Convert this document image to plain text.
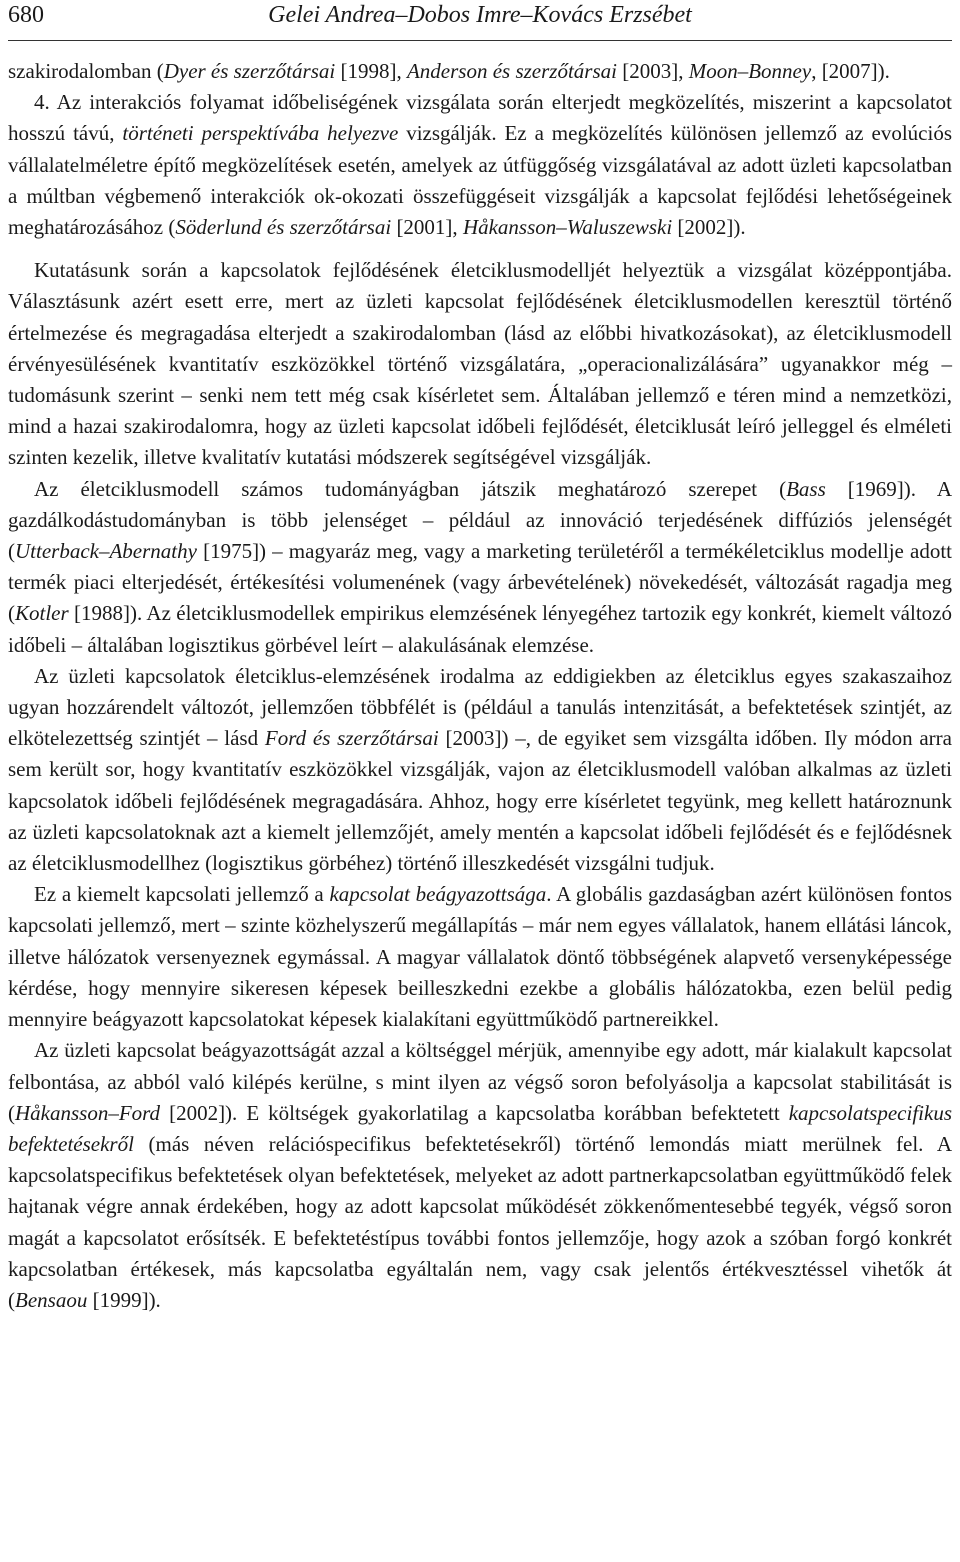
680	Gelei Andrea–Dobos Imre–Kovács Erzsébet

szakirodalomban (Dyer és szerzőtársai [1998], Anderson és szerzőtársai [2003], Moon–Bonney, [2007]).

4. Az interakciós folyamat időbeliségének vizsgálata során elterjedt megközelítés, miszerint a kapcsolatot hosszú távú, történeti perspektívába helyezve vizsgálják. Ez a megközelítés különösen jellemző az evolúciós vállalatelméletre építő megközelítések esetén, amelyek az útfüggőség vizsgálatával az adott üzleti kapcsolatban a múltban végbemenő interakciók ok-okozati összefüggéseit vizsgálják a kapcsolat fejlődési lehetőségeinek meghatározásához (Söderlund és szerzőtársai [2001], Håkansson–Waluszewski [2002]).

Kutatásunk során a kapcsolatok fejlődésének életciklusmodelljét helyeztük a vizsgálat középpontjába. Választásunk azért esett erre, mert az üzleti kapcsolat fejlődésének életciklusmodellen keresztül történő értelmezése és megragadása elterjedt a szakirodalomban (lásd az előbbi hivatkozásokat), az életciklusmodell érvényesülésének kvantitatív eszközökkel történő vizsgálatára, „operacionalizálására” ugyanakkor még – tudomásunk szerint – senki nem tett még csak kísérletet sem. Általában jellemző e téren mind a nemzetközi, mind a hazai szakirodalomra, hogy az üzleti kapcsolat időbeli fejlődését, életciklusát leíró jelleggel és elméleti szinten kezelik, illetve kvalitatív kutatási módszerek segítségével vizsgálják.

Az életciklusmodell számos tudományágban játszik meghatározó szerepet (Bass [1969]). A gazdálkodástudományban is több jelenséget – például az innováció terjedésének diffúziós jelenségét (Utterback–Abernathy [1975]) – magyaráz meg, vagy a marketing területéről a termékéletciklus modellje adott termék piaci elterjedését, értékesítési volumenének (vagy árbevételének) növekedését, változását ragadja meg (Kotler [1988]). Az életciklusmodellek empirikus elemzésének lényegéhez tartozik egy konkrét, kiemelt változó időbeli – általában logisztikus görbével leírt – alakulásának elemzése.

Az üzleti kapcsolatok életciklus-elemzésének irodalma az eddigiekben az életciklus egyes szakaszaihoz ugyan hozzárendelt változót, jellemzően többfélét is (például a tanulás intenzitását, a befektetések szintjét, az elkötelezettség szintjét – lásd Ford és szerzőtársai [2003]) –, de egyiket sem vizsgálta időben. Ily módon arra sem került sor, hogy kvantitatív eszközökkel vizsgálják, vajon az életciklusmodell valóban alkalmas az üzleti kapcsolatok időbeli fejlődésének megragadására. Ahhoz, hogy erre kísérletet tegyünk, meg kellett határoznunk az üzleti kapcsolatoknak azt a kiemelt jellemzőjét, amely mentén a kapcsolat időbeli fejlődését és e fejlődésnek az életciklusmodellhez (logisztikus görbéhez) történő illeszkedését vizsgálni tudjuk.

Ez a kiemelt kapcsolati jellemző a kapcsolat beágyazottsága. A globális gazdaságban azért különösen fontos kapcsolati jellemző, mert – szinte közhelyszerű megállapítás – már nem egyes vállalatok, hanem ellátási láncok, illetve hálózatok versenyeznek egymással. A magyar vállalatok döntő többségének alapvető versenyképessége kérdése, hogy mennyire sikeresen képesek beilleszkedni ezekbe a globális hálózatokba, ezen belül pedig mennyire beágyazott kapcsolatokat képesek kialakítani együttműködő partnereikkel.

Az üzleti kapcsolat beágyazottságát azzal a költséggel mérjük, amennyibe egy adott, már kialakult kapcsolat felbontása, az abból való kilépés kerülne, s mint ilyen az végső soron befolyásolja a kapcsolat stabilitását is (Håkansson–Ford [2002]). E költségek gyakorlatilag a kapcsolatba korábban befektetett kapcsolatspecifikus befektetésekről (más néven relációspecifikus befektetésekről) történő lemondás miatt merülnek fel. A kapcsolatspecifikus befektetések olyan befektetések, melyeket az adott partnerkapcsolatban együttműködő felek hajtanak végre annak érdekében, hogy az adott kapcsolat működését zökkenőmentesebbé tegyék, végső soron magát a kapcsolatot erősítsék. E befektetéstípus további fontos jellemzője, hogy azok a szóban forgó konkrét kapcsolatban értékesek, más kapcsolatba egyáltalán nem, vagy csak jelentős értékvesztéssel vihetők át (Bensaou [1999]).
